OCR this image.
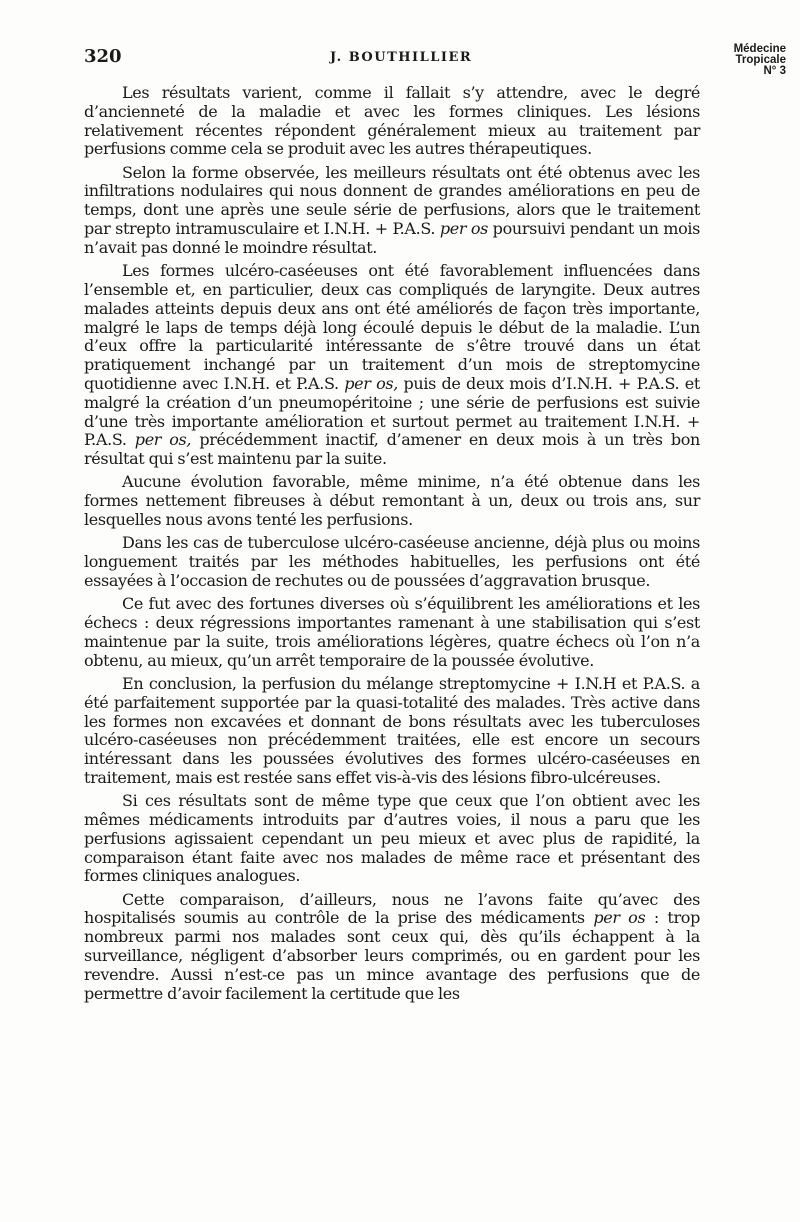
320	J. BOUTHILLIER
Médecine
Tropicale
N° 3

Les résultats varient, comme il fallait s’y attendre, avec le degré d’ancienneté de la maladie et avec les formes cliniques. Les lésions relativement récentes répondent généralement mieux au traitement par perfusions comme cela se produit avec les autres thérapeutiques.

Selon la forme observée, les meilleurs résultats ont été obtenus avec les infiltrations nodulaires qui nous donnent de grandes améliorations en peu de temps, dont une après une seule série de perfusions, alors que le traitement par strepto intramusculaire et I.N.H. + P.A.S. per os poursuivi pendant un mois n’avait pas donné le moindre résultat.

Les formes ulcéro-caséeuses ont été favorablement influencées dans l’ensemble et, en particulier, deux cas compliqués de laryngite. Deux autres malades atteints depuis deux ans ont été améliorés de façon très importante, malgré le laps de temps déjà long écoulé depuis le début de la maladie. L’un d’eux offre la particularité intéressante de s’être trouvé dans un état pratiquement inchangé par un traitement d’un mois de streptomycine quotidienne avec I.N.H. et P.A.S. per os, puis de deux mois d’I.N.H. + P.A.S. et malgré la création d’un pneumopéritoine ; une série de perfusions est suivie d’une très importante amélioration et surtout permet au traitement I.N.H. + P.A.S. per os, précédemment inactif, d’amener en deux mois à un très bon résultat qui s’est maintenu par la suite.

Aucune évolution favorable, même minime, n’a été obtenue dans les formes nettement fibreuses à début remontant à un, deux ou trois ans, sur lesquelles nous avons tenté les perfusions.

Dans les cas de tuberculose ulcéro-caséeuse ancienne, déjà plus ou moins longuement traités par les méthodes habituelles, les perfusions ont été essayées à l’occasion de rechutes ou de poussées d’aggravation brusque.

Ce fut avec des fortunes diverses où s’équilibrent les améliorations et les échecs : deux régressions importantes ramenant à une stabilisation qui s’est maintenue par la suite, trois améliorations légères, quatre échecs où l’on n’a obtenu, au mieux, qu’un arrêt temporaire de la poussée évolutive.

En conclusion, la perfusion du mélange streptomycine + I.N.H et P.A.S. a été parfaitement supportée par la quasi-totalité des malades. Très active dans les formes non excavées et donnant de bons résultats avec les tuberculoses ulcéro-caséeuses non précédemment traitées, elle est encore un secours intéressant dans les poussées évolutives des formes ulcéro-caséeuses en traitement, mais est restée sans effet vis-à-vis des lésions fibro-ulcéreuses.

Si ces résultats sont de même type que ceux que l’on obtient avec les mêmes médicaments introduits par d’autres voies, il nous a paru que les perfusions agissaient cependant un peu mieux et avec plus de rapidité, la comparaison étant faite avec nos malades de même race et présentant des formes cliniques analogues.

Cette comparaison, d’ailleurs, nous ne l’avons faite qu’avec des hospitalisés soumis au contrôle de la prise des médicaments per os : trop nombreux parmi nos malades sont ceux qui, dès qu’ils échappent à la surveillance, négligent d’absorber leurs comprimés, ou en gardent pour les revendre. Aussi n’est-ce pas un mince avantage des perfusions que de permettre d’avoir facilement la certitude que les
